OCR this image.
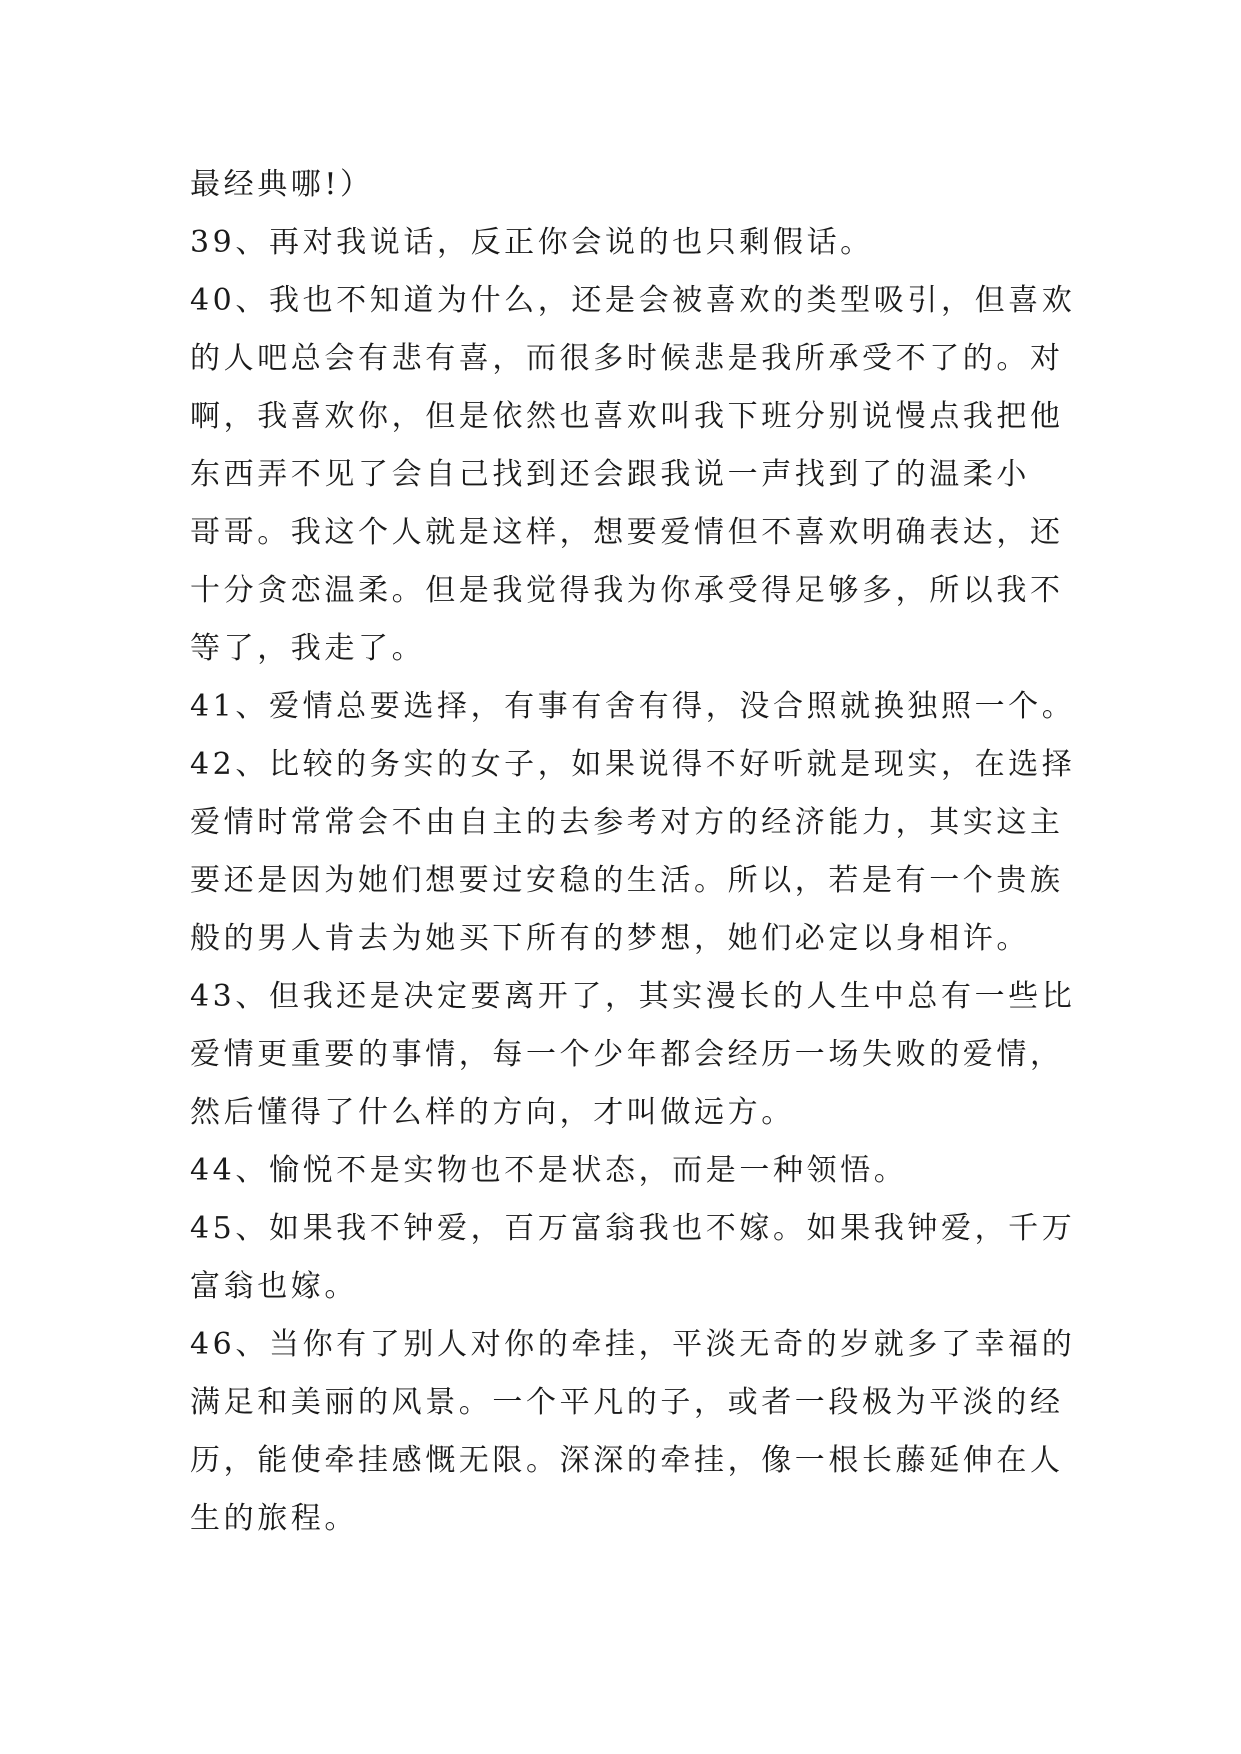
最经典哪!）

39、再对我说话，反正你会说的也只剩假话。

40、我也不知道为什么，还是会被喜欢的类型吸引，但喜欢

的人吧总会有悲有喜，而很多时候悲是我所承受不了的。对

啊，我喜欢你，但是依然也喜欢叫我下班分别说慢点我把他

东西弄不见了会自己找到还会跟我说一声找到了的温柔小

哥哥。我这个人就是这样，想要爱情但不喜欢明确表达，还

十分贪恋温柔。但是我觉得我为你承受得足够多，所以我不

等了，我走了。

41、爱情总要选择，有事有舍有得，没合照就换独照一个。

42、比较的务实的女子，如果说得不好听就是现实，在选择

爱情时常常会不由自主的去参考对方的经济能力，其实这主

要还是因为她们想要过安稳的生活。所以，若是有一个贵族

般的男人肯去为她买下所有的梦想，她们必定以身相许。

43、但我还是决定要离开了，其实漫长的人生中总有一些比

爱情更重要的事情，每一个少年都会经历一场失败的爱情，

然后懂得了什么样的方向，才叫做远方。

44、愉悦不是实物也不是状态，而是一种领悟。

45、如果我不钟爱，百万富翁我也不嫁。如果我钟爱，千万

富翁也嫁。

46、当你有了别人对你的牵挂，平淡无奇的岁就多了幸福的

满足和美丽的风景。一个平凡的子，或者一段极为平淡的经

历，能使牵挂感慨无限。深深的牵挂，像一根长藤延伸在人

生的旅程。
